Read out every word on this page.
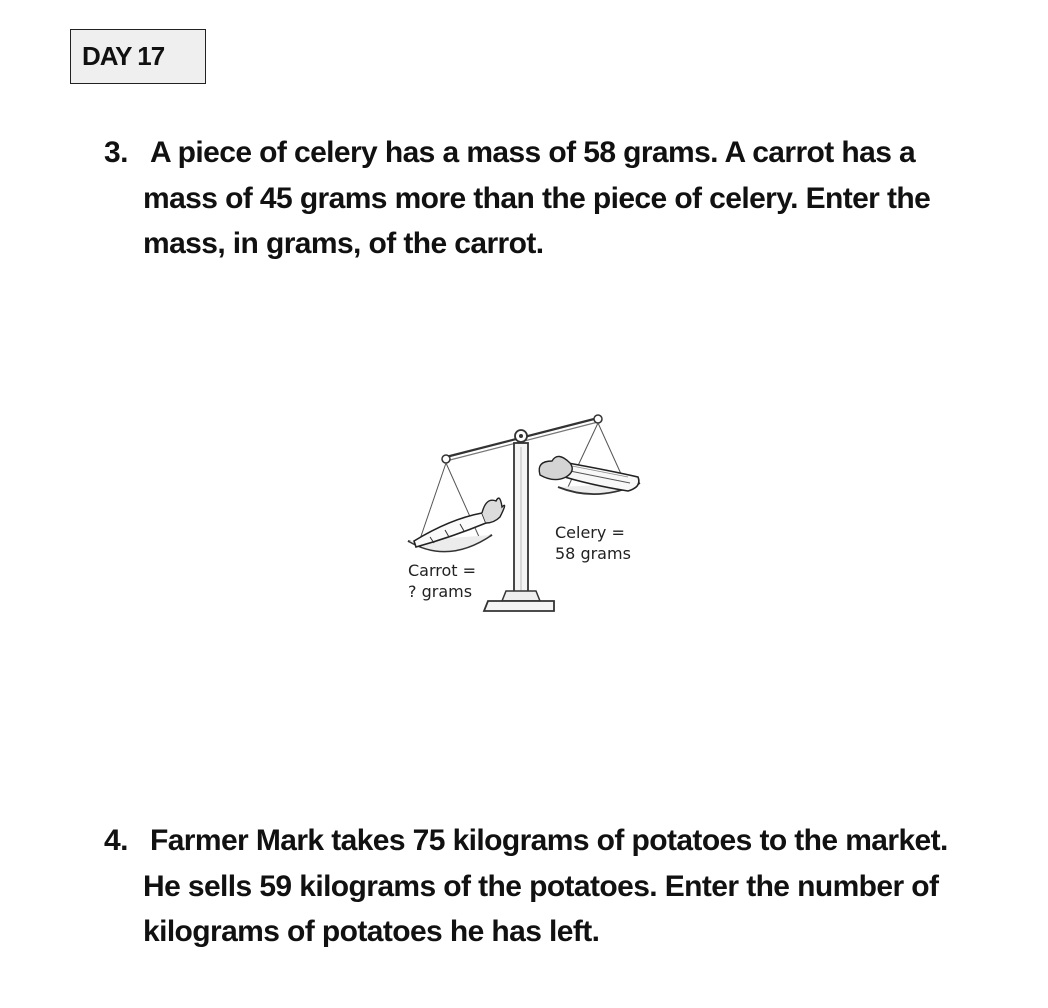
DAY 17
3. A piece of celery has a mass of 58 grams. A carrot has a
mass of 45 grams more than the piece of celery. Enter the
mass, in grams, of the carrot.
Carrot =
? grams
Celery =
58 grams
4. Farmer Mark takes 75 kilograms of potatoes to the market.
He sells 59 kilograms of the potatoes. Enter the number of
kilograms of potatoes he has left.
